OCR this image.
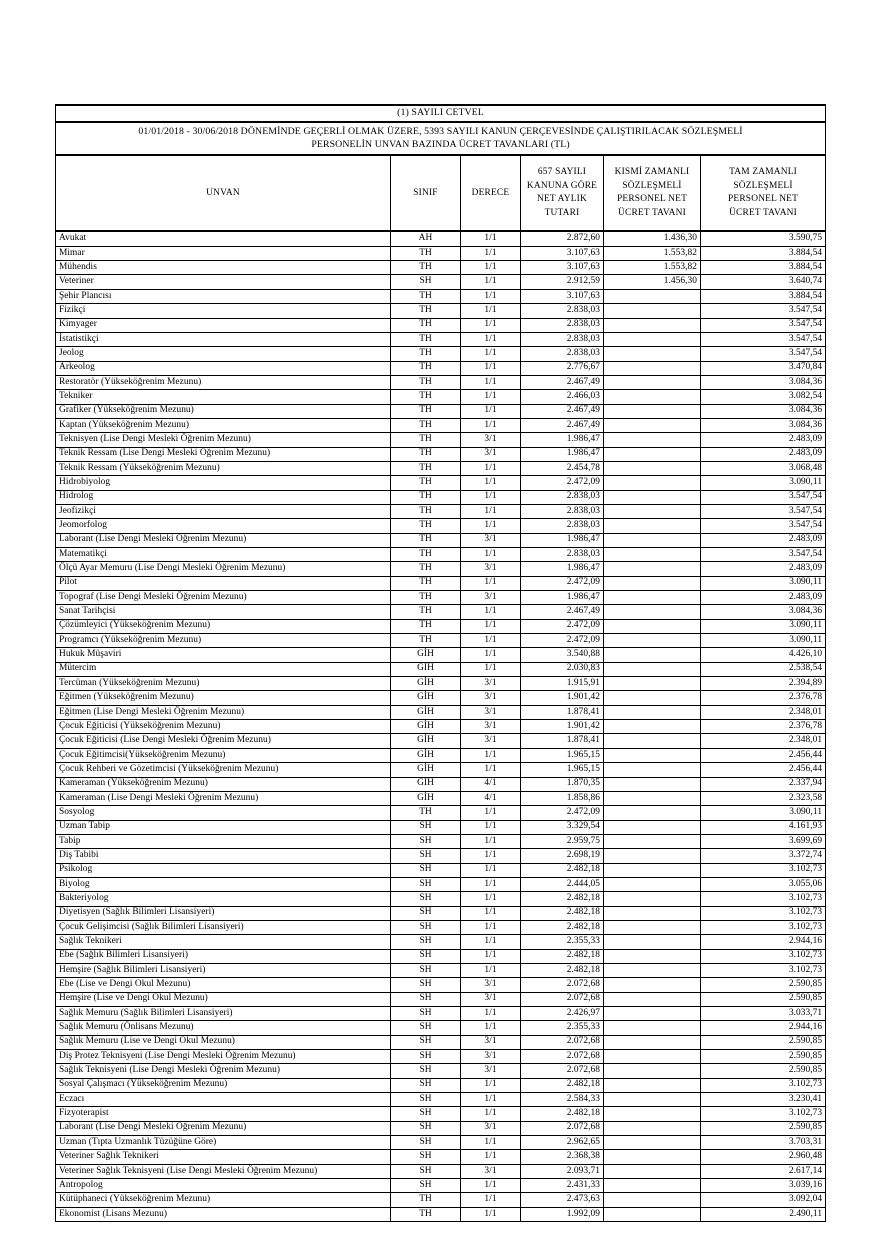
(1) SAYILI CETVEL					
01/01/2018 - 30/06/2018 DÖNEMİNDE GEÇERLİ OLMAK ÜZERE, 5393 SAYILI KANUN ÇERÇEVESİNDE ÇALIŞTIRILACAK SÖZLEŞMELİ
PERSONELİN UNVAN BAZINDA ÜCRET TAVANLARI (TL)					
UNVAN	SINIF	DERECE	657 SAYILI
KANUNA GÖRE
NET AYLIK
TUTARI	KISMİ ZAMANLI
SÖZLEŞMELİ
PERSONEL NET
ÜCRET TAVANI	TAM ZAMANLI
SÖZLEŞMELİ
PERSONEL NET
ÜCRET TAVANI
Avukat	AH	1/1	2.872,60	1.436,30	3.590,75
Mimar	TH	1/1	3.107,63	1.553,82	3.884,54
Mühendis	TH	1/1	3.107,63	1.553,82	3.884,54
Veteriner	SH	1/1	2.912,59	1.456,30	3.640,74
Şehir Plancısı	TH	1/1	3.107,63		3.884,54
Fizikçi	TH	1/1	2.838,03		3.547,54
Kimyager	TH	1/1	2.838,03		3.547,54
İstatistikçi	TH	1/1	2.838,03		3.547,54
Jeolog	TH	1/1	2.838,03		3.547,54
Arkeolog	TH	1/1	2.776,67		3.470,84
Restoratör (Yükseköğrenim Mezunu)	TH	1/1	2.467,49		3.084,36
Tekniker	TH	1/1	2.466,03		3.082,54
Grafiker (Yükseköğrenim Mezunu)	TH	1/1	2.467,49		3.084,36
Kaptan (Yükseköğrenim Mezunu)	TH	1/1	2.467,49		3.084,36
Teknisyen (Lise Dengi Mesleki Öğrenim Mezunu)	TH	3/1	1.986,47		2.483,09
Teknik Ressam (Lise Dengi Mesleki Öğrenim Mezunu)	TH	3/1	1.986,47		2.483,09
Teknik Ressam (Yükseköğrenim Mezunu)	TH	1/1	2.454,78		3.068,48
Hidrobiyolog	TH	1/1	2.472,09		3.090,11
Hidrolog	TH	1/1	2.838,03		3.547,54
Jeofizikçi	TH	1/1	2.838,03		3.547,54
Jeomorfolog	TH	1/1	2.838,03		3.547,54
Laborant (Lise Dengi Mesleki Öğrenim Mezunu)	TH	3/1	1.986,47		2.483,09
Matematikçi	TH	1/1	2.838,03		3.547,54
Ölçü Ayar Memuru (Lise Dengi Mesleki Öğrenim Mezunu)	TH	3/1	1.986,47		2.483,09
Pilot	TH	1/1	2.472,09		3.090,11
Topograf (Lise Dengi Mesleki Öğrenim Mezunu)	TH	3/1	1.986,47		2.483,09
Sanat Tarihçisi	TH	1/1	2.467,49		3.084,36
Çözümleyici (Yükseköğrenim Mezunu)	TH	1/1	2.472,09		3.090,11
Programcı (Yükseköğrenim Mezunu)	TH	1/1	2.472,09		3.090,11
Hukuk Müşaviri	GİH	1/1	3.540,88		4.426,10
Mütercim	GİH	1/1	2.030,83		2.538,54
Tercüman (Yükseköğrenim Mezunu)	GİH	3/1	1.915,91		2.394,89
Eğitmen (Yükseköğrenim Mezunu)	GİH	3/1	1.901,42		2.376,78
Eğitmen (Lise Dengi Mesleki Öğrenim Mezunu)	GİH	3/1	1.878,41		2.348,01
Çocuk Eğiticisi (Yükseköğrenim Mezunu)	GİH	3/1	1.901,42		2.376,78
Çocuk Eğiticisi (Lise Dengi Mesleki Öğrenim Mezunu)	GİH	3/1	1.878,41		2.348,01
Çocuk Eğitimcisi(Yükseköğrenim Mezunu)	GİH	1/1	1.965,15		2.456,44
Çocuk Rehberi ve Gözetimcisi (Yükseköğrenim Mezunu)	GİH	1/1	1.965,15		2.456,44
Kameraman (Yükseköğrenim Mezunu)	GİH	4/1	1.870,35		2.337,94
Kameraman (Lise Dengi Mesleki Öğrenim Mezunu)	GİH	4/1	1.858,86		2.323,58
Sosyolog	TH	1/1	2.472,09		3.090,11
Uzman Tabip	SH	1/1	3.329,54		4.161,93
Tabip	SH	1/1	2.959,75		3.699,69
Diş Tabibi	SH	1/1	2.698,19		3.372,74
Psikolog	SH	1/1	2.482,18		3.102,73
Biyolog	SH	1/1	2.444,05		3.055,06
Bakteriyolog	SH	1/1	2.482,18		3.102,73
Diyetisyen (Sağlık Bilimleri Lisansiyeri)	SH	1/1	2.482,18		3.102,73
Çocuk Gelişimcisi (Sağlık Bilimleri Lisansiyeri)	SH	1/1	2.482,18		3.102,73
Sağlık Teknikeri	SH	1/1	2.355,33		2.944,16
Ebe (Sağlık Bilimleri Lisansiyeri)	SH	1/1	2.482,18		3.102,73
Hemşire (Sağlık Bilimleri Lisansiyeri)	SH	1/1	2.482,18		3.102,73
Ebe (Lise ve Dengi Okul Mezunu)	SH	3/1	2.072,68		2.590,85
Hemşire (Lise ve Dengi Okul Mezunu)	SH	3/1	2.072,68		2.590,85
Sağlık Memuru (Sağlık Bilimleri Lisansiyeri)	SH	1/1	2.426,97		3.033,71
Sağlık Memuru (Önlisans Mezunu)	SH	1/1	2.355,33		2.944,16
Sağlık Memuru (Lise ve Dengi Okul Mezunu)	SH	3/1	2.072,68		2.590,85
Diş Protez Teknisyeni (Lise Dengi Mesleki Öğrenim Mezunu)	SH	3/1	2.072,68		2.590,85
Sağlık Teknisyeni (Lise Dengi Mesleki Öğrenim Mezunu)	SH	3/1	2.072,68		2.590,85
Sosyal Çalışmacı (Yükseköğrenim Mezunu)	SH	1/1	2.482,18		3.102,73
Eczacı	SH	1/1	2.584,33		3.230,41
Fizyoterapist	SH	1/1	2.482,18		3.102,73
Laborant (Lise Dengi Mesleki Öğrenim Mezunu)	SH	3/1	2.072,68		2.590,85
Uzman (Tıpta Uzmanlık Tüzüğüne Göre)	SH	1/1	2.962,65		3.703,31
Veteriner Sağlık Teknikeri	SH	1/1	2.368,38		2.960,48
Veteriner Sağlık Teknisyeni (Lise Dengi Mesleki Öğrenim Mezunu)	SH	3/1	2.093,71		2.617,14
Antropolog	SH	1/1	2.431,33		3.039,16
Kütüphaneci (Yükseköğrenim Mezunu)	TH	1/1	2.473,63		3.092,04
Ekonomist (Lisans Mezunu)	TH	1/1	1.992,09		2.490,11
